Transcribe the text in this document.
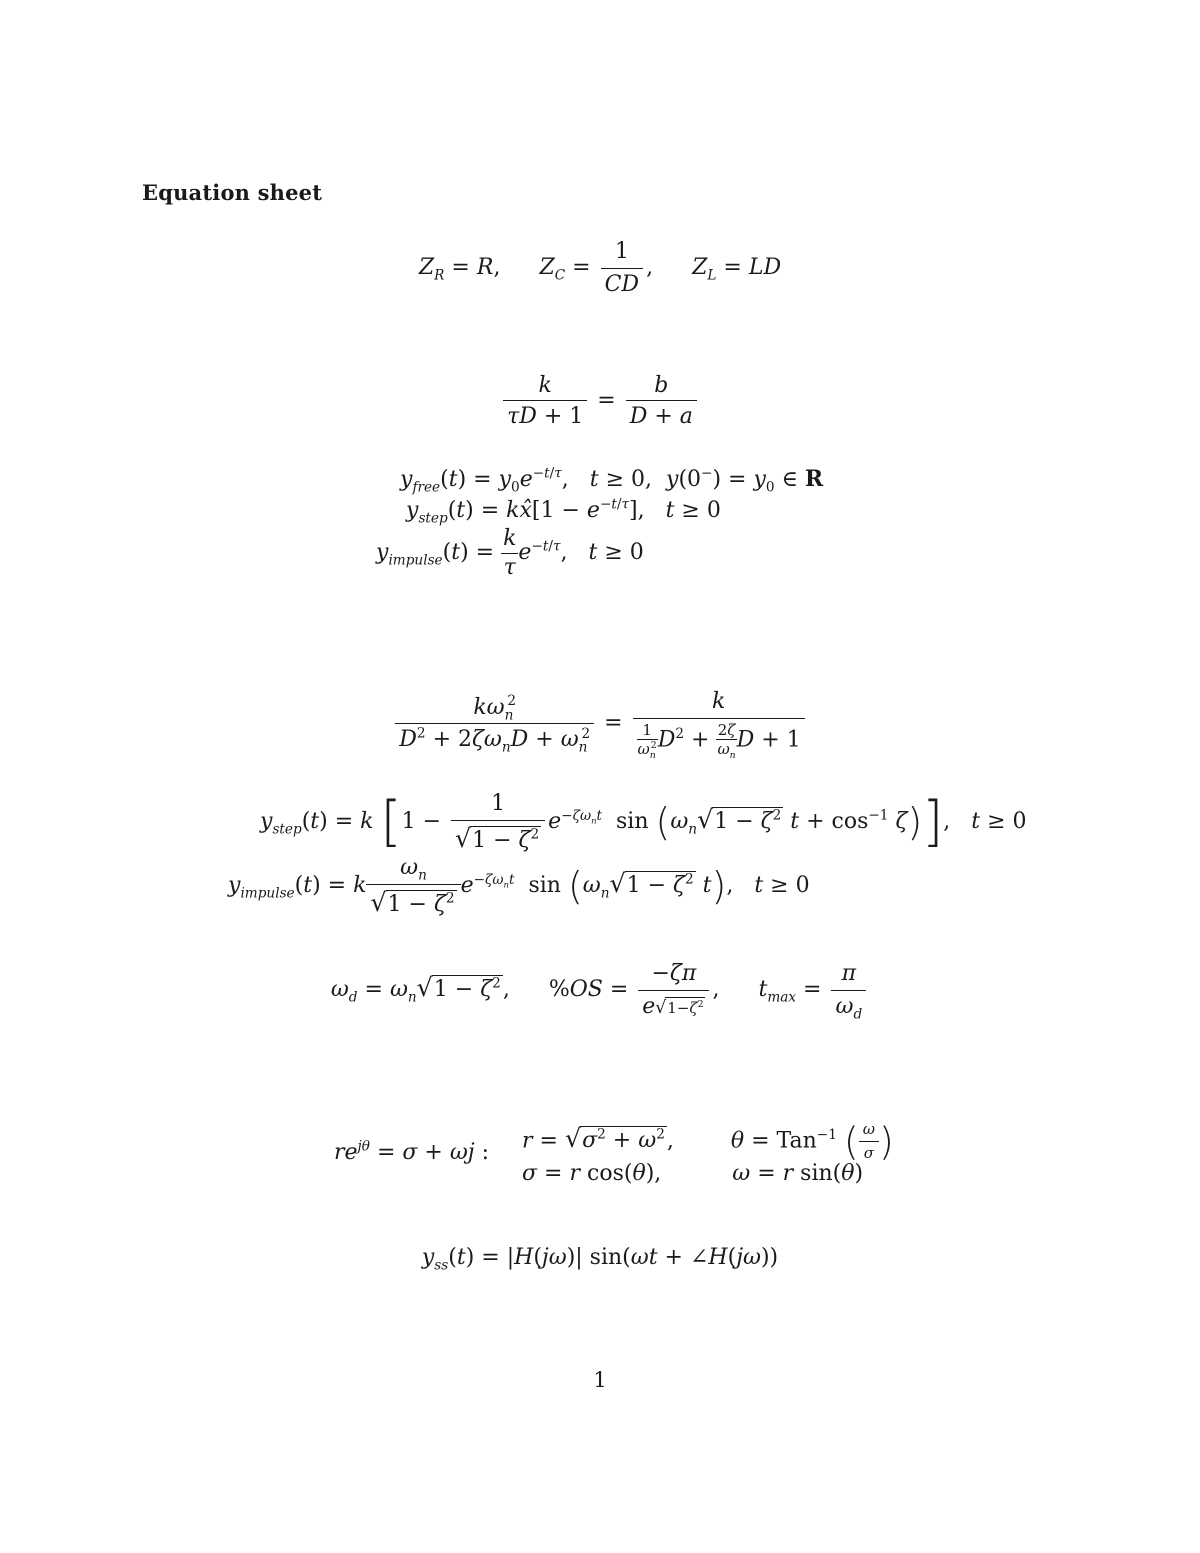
Equation sheet
$Z_R = R$, $Z_C = \frac{1}{CD}$ , $Z_L$ = LD
$\frac{k}{\tau D + 1} = \frac{b}{D + a}$
$y_{free}(t) = y_0e^{-t/\tau}$,   t ≥ 0,  $y(0^-) = y_0$ ∈ R
$y_{step}(t)$ = kx̂[1 − $e^{-t/\tau}$],   t ≥ 0
$y_{impulse}(t) = \frac{k}{\tau} e^{-t/\tau}$,   t ≥ 0
$\frac{k\omega_n^2}{D^2 + 2\zeta\omega_nD + \omega_n^2} = \frac{k}{\frac{1}{\omega_n^2} D^2 + \frac{2\zeta}{\omega_n} D + 1}$
$y_{step}(t) = k$ [$1 - \frac{1}{√1 - \zeta^2} e^{-\zeta\omega_nt}$  $\sin (\omega_n√1 - \zeta^2$ $t + \cos^{-1} \zeta$)],   t ≥ 0
$y_{impulse}(t) = k \frac{\omega_n}{√1 - \zeta^2} e^{-\zeta\omega_nt}$  $\sin (\omega_n√1 - \zeta^2$ t),   t ≥ 0
$\omega_d = \omega_n√1 - \zeta^2$, $\%OS = \frac{-\zeta\pi}{e√1-\zeta^2}$ , $t_{max} = \frac{\pi}{\omega_d}$
$re^{j\theta} = \sigma + \omega j$ : $r = √\sigma^2 + \omega^2$,	θ = Tan$^{-1}$ ( $\frac{\omega}{\sigma}$ )
σ = r cos(θ),	ω = r sin(θ)
$y_{ss}(t) = |H(j\omega)|$ sin(ωt + ∠H(jω))
1
